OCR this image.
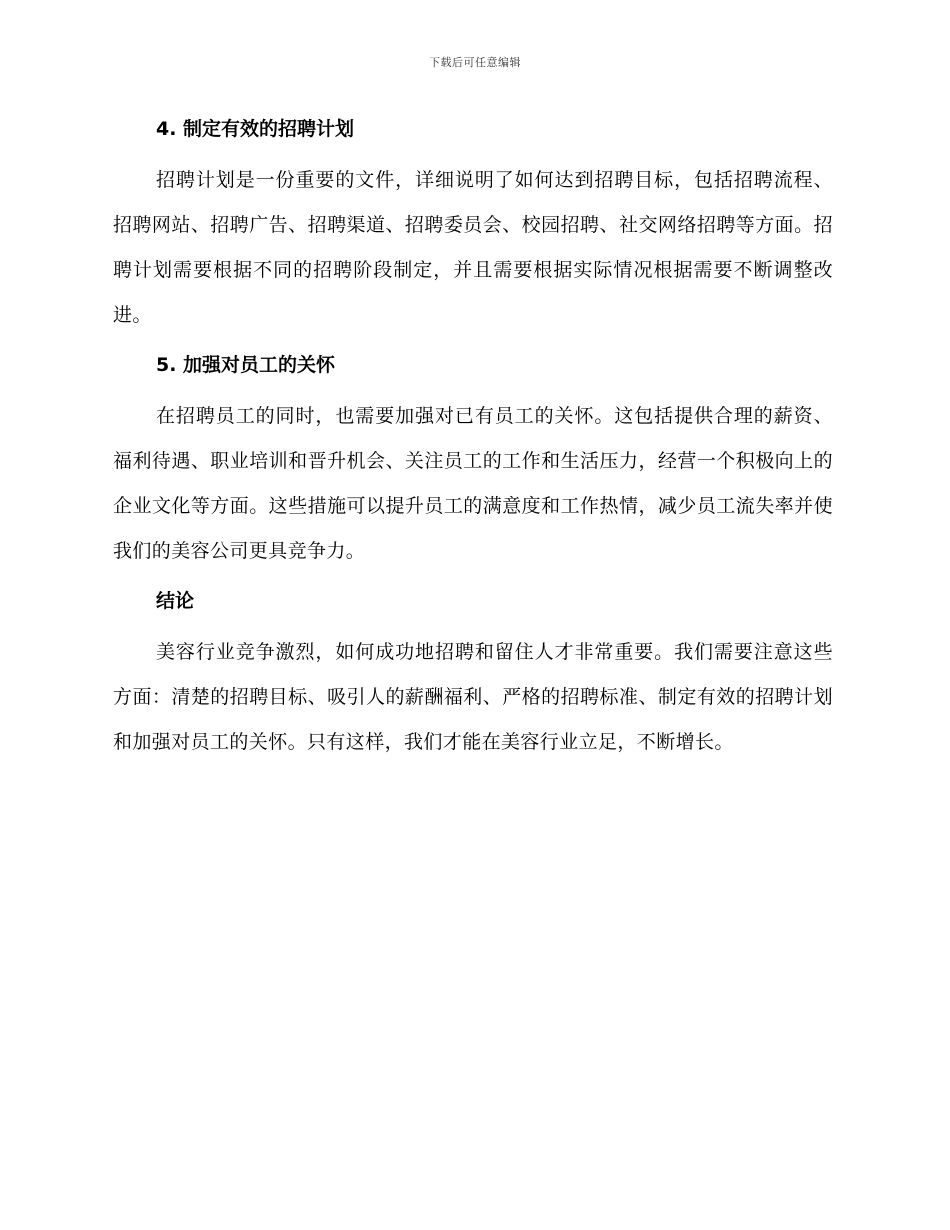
下载后可任意编辑
4. 制定有效的招聘计划

招聘计划是一份重要的文件，详细说明了如何达到招聘目标，包括招聘流程、招聘网站、招聘广告、招聘渠道、招聘委员会、校园招聘、社交网络招聘等方面。招聘计划需要根据不同的招聘阶段制定，并且需要根据实际情况根据需要不断调整改进。

5. 加强对员工的关怀

在招聘员工的同时，也需要加强对已有员工的关怀。这包括提供合理的薪资、福利待遇、职业培训和晋升机会、关注员工的工作和生活压力，经营一个积极向上的企业文化等方面。这些措施可以提升员工的满意度和工作热情，减少员工流失率并使我们的美容公司更具竞争力。

结论

美容行业竞争激烈，如何成功地招聘和留住人才非常重要。我们需要注意这些方面：清楚的招聘目标、吸引人的薪酬福利、严格的招聘标准、制定有效的招聘计划和加强对员工的关怀。只有这样，我们才能在美容行业立足，不断增长。
